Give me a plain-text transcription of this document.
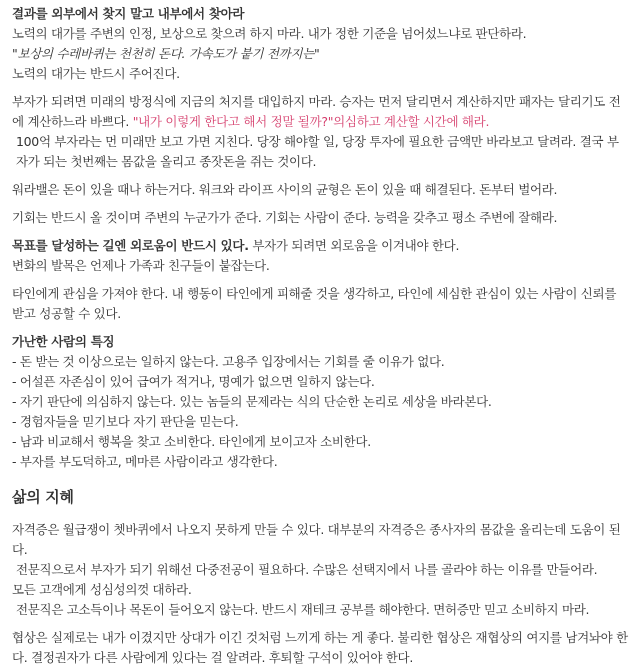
결과를 외부에서 찾지 말고 내부에서 찾아라
노력의 대가를 주변의 인정, 보상으로 찾으려 하지 마라. 내가 정한 기준을 넘어섰느냐로 판단하라.
"보상의 수레바퀴는 천천히 돈다. 가속도가 붙기 전까지는"
노력의 대가는 반드시 주어진다.
부자가 되려면 미래의 방정식에 지금의 처지를 대입하지 마라. 승자는 먼저 달리면서 계산하지만 패자는 달리기도 전에 계산하느라 바쁘다. "내가 이렇게 한다고 해서 정말 될까?"의심하고 계산할 시간에 해라.
100억 부자라는 먼 미래만 보고 가면 지친다. 당장 해야할 일, 당장 투자에 필요한 금액만 바라보고 달려라. 결국 부자가 되는 첫번째는 몸값을 올리고 종잣돈을 쥐는 것이다.
워라밸은 돈이 있을 때나 하는거다. 워크와 라이프 사이의 균형은 돈이 있을 때 해결된다. 돈부터 벌어라.
기회는 반드시 올 것이며 주변의 누군가가 준다. 기회는 사람이 준다. 능력을 갖추고 평소 주변에 잘해라.
목표를 달성하는 길엔 외로움이 반드시 있다. 부자가 되려면 외로움을 이겨내야 한다.
변화의 발목은 언제나 가족과 친구들이 붙잡는다.
타인에게 관심을 가져야 한다. 내 행동이 타인에게 피해줄 것을 생각하고, 타인에 세심한 관심이 있는 사람이 신뢰를 받고 성공할 수 있다.
가난한 사람의 특징
- 돈 받는 것 이상으로는 일하지 않는다. 고용주 입장에서는 기회를 줄 이유가 없다.
- 어설픈 자존심이 있어 급여가 적거나, 명예가 없으면 일하지 않는다.
- 자기 판단에 의심하지 않는다. 있는 놈들의 문제라는 식의 단순한 논리로 세상을 바라본다.
- 경험자들을 믿기보다 자기 판단을 믿는다.
- 남과 비교해서 행복을 찾고 소비한다. 타인에게 보이고자 소비한다.
- 부자를 부도덕하고, 메마른 사람이라고 생각한다.
삶의 지혜
자격증은 월급쟁이 쳇바퀴에서 나오지 못하게 만들 수 있다. 대부분의 자격증은 종사자의 몸값을 올리는데 도움이 된다.
전문직으로서 부자가 되기 위해선 다중전공이 필요하다. 수많은 선택지에서 나를 골라야 하는 이유를 만들어라.
모든 고객에게 성심성의껏 대하라.
전문직은 고소득이나 목돈이 들어오지 않는다. 반드시 재테크 공부를 해야한다. 면허증만 믿고 소비하지 마라.
협상은 실제로는 내가 이겼지만 상대가 이긴 것처럼 느끼게 하는 게 좋다. 불리한 협상은 재협상의 여지를 남겨놔야 한다. 결정권자가 다른 사람에게 있다는 걸 알려라. 후퇴할 구석이 있어야 한다.
